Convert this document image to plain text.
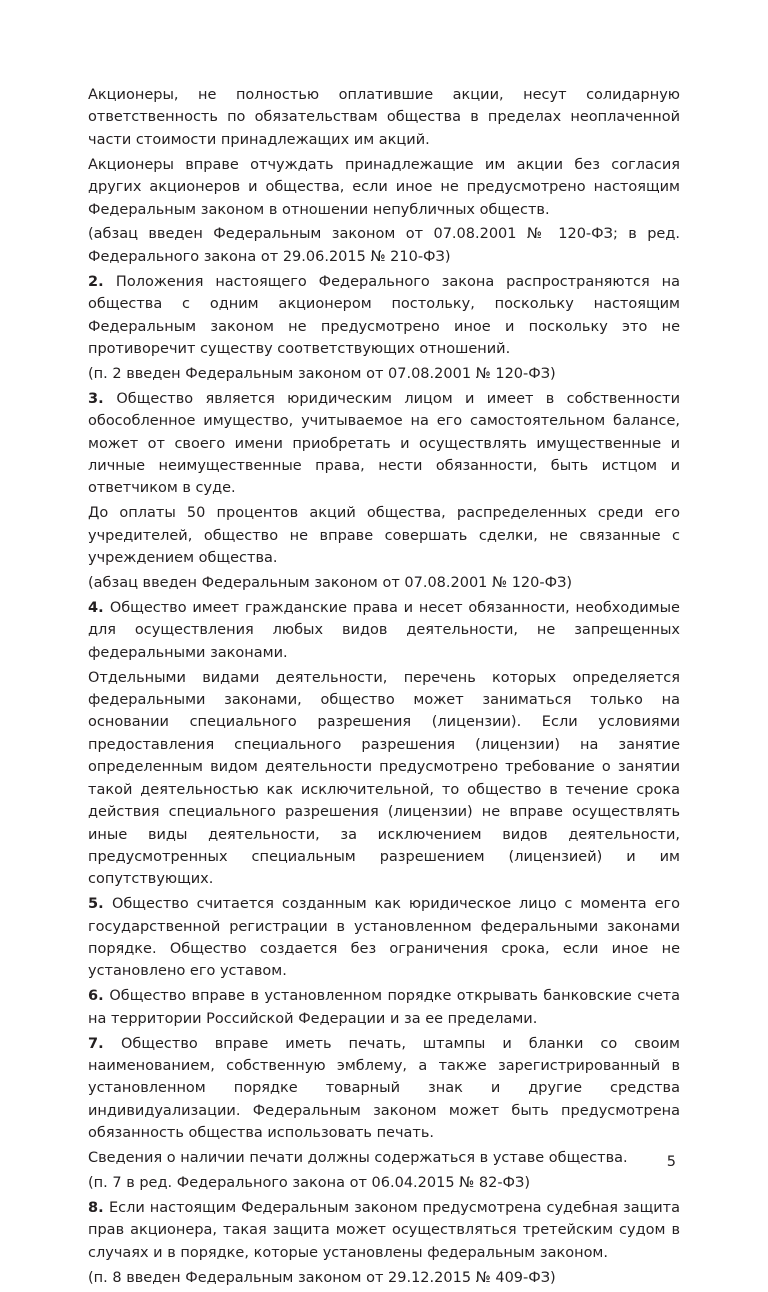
Акционеры, не полностью оплатившие акции, несут солидарную ответственность по обязательствам общества в пределах неоплаченной части стоимости принадлежащих им акций.

Акционеры вправе отчуждать принадлежащие им акции без согласия других акционеров и общества, если иное не предусмотрено настоящим Федеральным законом в отношении непубличных обществ.

(абзац введен Федеральным законом от 07.08.2001 № 120-ФЗ; в ред. Федерального закона от 29.06.2015 № 210-ФЗ)

2. Положения настоящего Федерального закона распространяются на общества с одним акционером постольку, поскольку настоящим Федеральным законом не предусмотрено иное и поскольку это не противоречит существу соответствующих отношений.

(п. 2 введен Федеральным законом от 07.08.2001 № 120-ФЗ)

3. Общество является юридическим лицом и имеет в собственности обособленное имущество, учитываемое на его самостоятельном балансе, может от своего имени приобретать и осуществлять имущественные и личные неимущественные права, нести обязанности, быть истцом и ответчиком в суде.

До оплаты 50 процентов акций общества, распределенных среди его учредителей, общество не вправе совершать сделки, не связанные с учреждением общества.

(абзац введен Федеральным законом от 07.08.2001 № 120-ФЗ)

4. Общество имеет гражданские права и несет обязанности, необходимые для осуществления любых видов деятельности, не запрещенных федеральными законами.

Отдельными видами деятельности, перечень которых определяется федеральными законами, общество может заниматься только на основании специального разрешения (лицензии). Если условиями предоставления специального разрешения (лицензии) на занятие определенным видом деятельности предусмотрено требование о занятии такой деятельностью как исключительной, то общество в течение срока действия специального разрешения (лицензии) не вправе осуществлять иные виды деятельности, за исключением видов деятельности, предусмотренных специальным разрешением (лицензией) и им сопутствующих.

5. Общество считается созданным как юридическое лицо с момента его государственной регистрации в установленном федеральными законами порядке. Общество создается без ограничения срока, если иное не установлено его уставом.

6. Общество вправе в установленном порядке открывать банковские счета на территории Российской Федерации и за ее пределами.

7. Общество вправе иметь печать, штампы и бланки со своим наименованием, собственную эмблему, а также зарегистрированный в установленном порядке товарный знак и другие средства индивидуализации. Федеральным законом может быть предусмотрена обязанность общества использовать печать.

Сведения о наличии печати должны содержаться в уставе общества.

(п. 7 в ред. Федерального закона от 06.04.2015 № 82-ФЗ)

8. Если настоящим Федеральным законом предусмотрена судебная защита прав акционера, такая защита может осуществляться третейским судом в случаях и в порядке, которые установлены федеральным законом.

(п. 8 введен Федеральным законом от 29.12.2015 № 409-ФЗ)

5
